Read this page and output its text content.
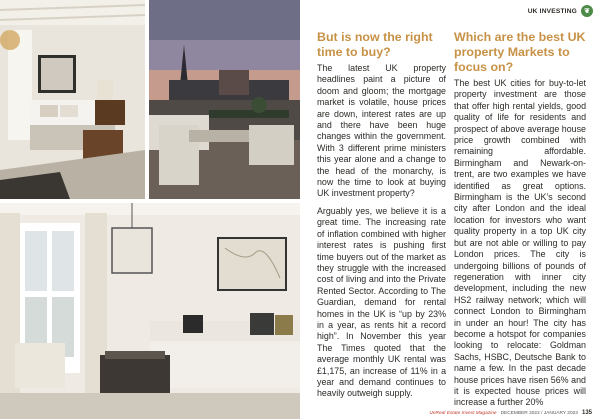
UK INVESTING	❦
But is now the right time to buy?

The latest UK property headlines paint a picture of doom and gloom; the mortgage market is volatile, house prices are down, interest rates are up and there have been huge changes within the government. With 3 different prime ministers this year alone and a change to the head of the monarchy, is now the time to look at buying UK investment property?

Arguably yes, we believe it is a great time. The increasing rate of inflation combined with higher interest rates is pushing first time buyers out of the market as they struggle with the increased cost of living and into the Private Rented Sector. According to The Guardian, demand for rental homes in the UK is “up by 23% in a year, as rents hit a record high”. In November this year The Times quoted that the average monthly UK rental was £1,175, an increase of 11% in a year and demand continues to heavily outweigh supply.

Which are the best UK property Markets to focus on?

The best UK cities for buy-to-let property investment are those that offer high rental yields, good quality of life for residents and prospect of above average house price growth combined with remaining affordable. Birmingham and Newark-on-trent, are two examples we have identified as great options. Birmingham is the UK’s second city after London and the ideal location for investors who want quality property in a top UK city but are not able or willing to pay London prices. The city is undergoing billions of pounds of regeneration with inner city development, including the new HS2 railway network; which will connect London to Birmingham in under an hour! The city has become a hotspot for companies looking to relocate: Goldman Sachs, HSBC, Deutsche Bank to name a few. In the past decade house prices have risen 56% and it is expected house prices will increase a further 20%

UnReal Estate Invest Magazine DECEMBER 2022 / JANUARY 2023 135
